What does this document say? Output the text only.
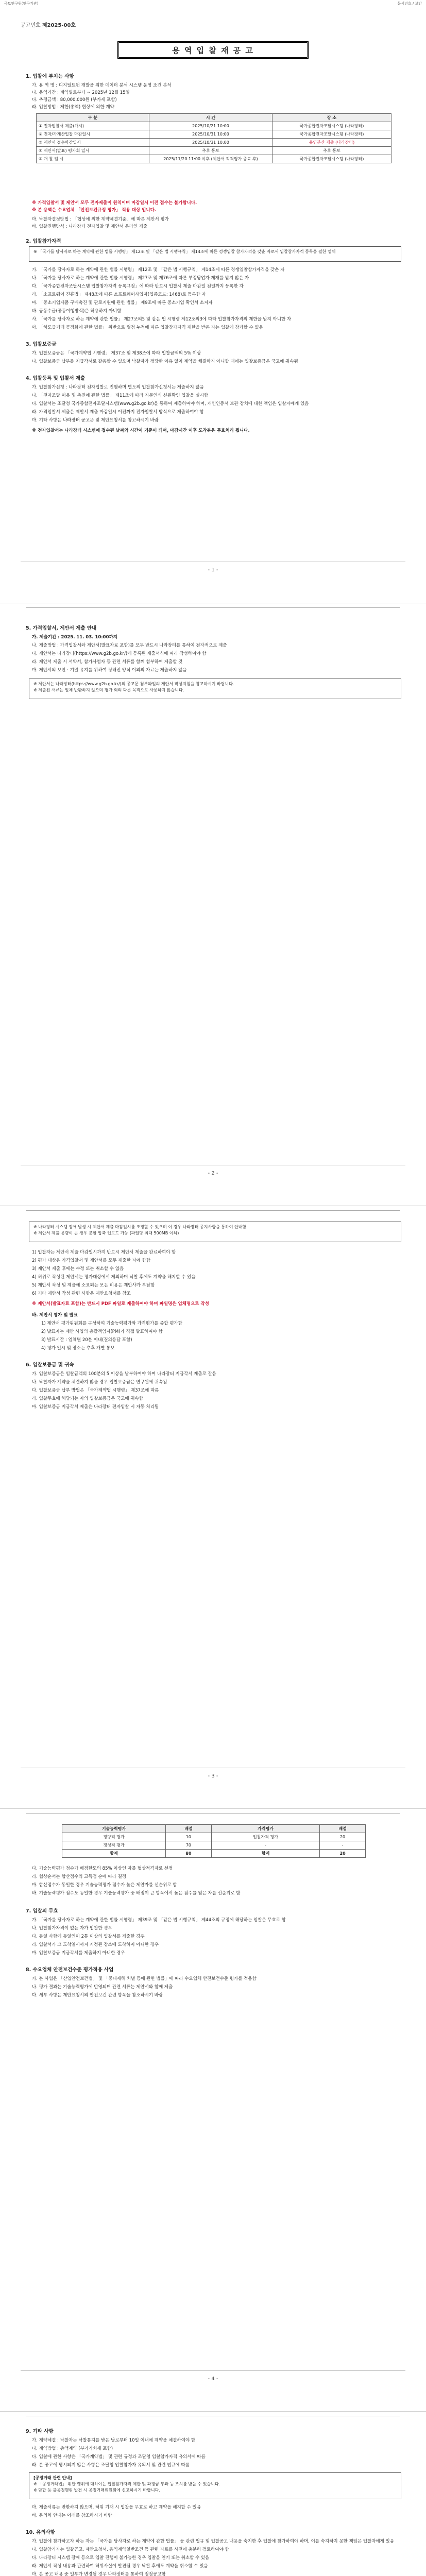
국토연구원(연구기관)	문서번호 / 보안
공고번호 제2025-00호
용 역 입 찰 재 공 고
1. 입찰에 부치는 사항
가. 용 역 명 : 디지털트윈 개발을 위한 데이터 분석 시스템 운영 조건 분석
나. 용역기간 : 계약일로부터 ~ 2025년 12월 15일
다. 추정금액 : 80,000,000원 (부가세 포함)
라. 입찰방법 : 제한(총액) 협상에 의한 계약
구 분	시 간	장 소
① 전자입찰서 제출(개시)	2025/10/21 10:00	국가종합전자조달시스템 (나라장터)
② 전자/가계산입찰 마감일시	2025/10/31 10:00	국가종합전자조달시스템 (나라장터)
③ 제안서 접수마감일시	2025/10/31 10:00	용인분산 제출 (나라장터)
④ 제안서(발표) 평가회 일시	추후 통보	추후 통보
⑤ 개 찰 일 시	2025/11/20 11:00 이후 (제안서 적격평가 종료 후)	국가종합전자조달시스템 (나라장터)
※ 가격입찰서 및 제안서 모두 전자제출이 원칙이며 마감일시 이전 접수는 불가합니다.
※ 본 용역은 수요업체 「안전보건규정 평가」 적용 대상 입니다.
마. 낙찰자결정방법 : 「협상에 의한 계약체결기준」에 따른 제안서 평가
바. 입찰진행방식 : 나라장터 전자입찰 및 제안서 온라인 제출
2. 입찰참가자격
※ 「국가를 당사자로 하는 계약에 관한 법률 시행령」 제12조 및 「같은 법 시행규칙」 제14조에 따른 경쟁입찰 참가자격을 갖춘 자로서 입찰참가자격 등록을 필한 업체
가. 「국가를 당사자로 하는 계약에 관한 법률 시행령」 제12조 및 「같은 법 시행규칙」 제14조에 따른 경쟁입찰참가자격을 갖춘 자
나. 「국가를 당사자로 하는 계약에 관한 법률 시행령」 제27조 및 제76조에 따른 부정당업자 제재를 받지 않은 자
다. 「국가종합전자조달시스템 입찰참가자격 등록규정」에 따라 반드시 입찰서 제출 마감일 전일까지 등록한 자
라. 「소프트웨어 진흥법」 제48조에 따른 소프트웨어사업자(업종코드: 1468)로 등록한 자
마. 「중소기업제품 구매촉진 및 판로지원에 관한 법률」 제9조에 따른 중소기업 확인서 소지자
바. 공동수급(공동이행방식)은 허용하지 아니함
사. 「국가를 당사자로 하는 계약에 관한 법률」 제27조의5 및 같은 법 시행령 제12조의3에 따라 입찰참가자격의 제한을 받지 아니한 자
아. 「하도급거래 공정화에 관한 법률」 위반으로 벌점 누적에 따른 입찰참가자격 제한을 받은 자는 입찰에 참가할 수 없음
3. 입찰보증금
가. 입찰보증금은 「국가계약법 시행령」 제37조 및 제38조에 따라 입찰금액의 5% 이상
나. 입찰보증금 납부를 지급각서로 갈음할 수 있으며 낙찰자가 정당한 이유 없이 계약을 체결하지 아니할 때에는 입찰보증금은 국고에 귀속됨
4. 입찰등록 및 입찰서 제출
가. 입찰참가신청 : 나라장터 전자입찰로 진행하며 별도의 입찰참가신청서는 제출하지 않음
나. 「전자조달 이용 및 촉진에 관한 법률」 제11조에 따라 지문인식 신원확인 입찰을 실시함
다. 입찰서는 조달청 국가종합전자조달시스템(www.g2b.go.kr)을 통하여 제출하여야 하며, 개인인증서 보관 장치에 대한 책임은 입찰자에게 있음
라. 가격입찰서 제출은 제안서 제출 마감일시 이전까지 전자입찰서 방식으로 제출하여야 함
마. 기타 사항은 나라장터 공고문 및 제안요청서를 참고하시기 바람
※ 전자입찰서는 나라장터 시스템에 접수된 날짜와 시간이 기준이 되며, 마감시간 이후 도착분은 무효처리 됩니다.
- 1 -
5. 가격입찰서, 제안서 제출 안내
가. 제출기간 : 2025. 11. 03. 10:00까지
나. 제출방법 : 가격입찰서와 제안서(발표자료 포함)를 모두 반드시 나라장터를 통하여 전자적으로 제출
다. 제안서는 나라장터(https://www.g2b.go.kr/)에 등록된 제출서식에 따라 작성하여야 함
라. 제안서 제출 시 서약서, 참가사업자 등 관련 서류를 함께 첨부하여 제출할 것
마. 제안서의 보안 · 기밀 유지를 위하여 정해진 양식 이외의 자료는 제출하지 않음
※ 제안서는 나라장터(https://www.g2b.go.kr/)의 공고문 첨부파일의 제안서 작성지침을 참고하시기 바랍니다.
※ 제출된 서류는 일체 반환하지 않으며 평가 외의 다른 목적으로 사용하지 않습니다.
- 2 -
※ 나라장터 시스템 장애 발생 시 제안서 제출 마감일시를 조정할 수 있으며 이 경우 나라장터 공지사항을 통하여 안내함
※ 제안서 제출 용량이 큰 경우 분할 압축 업로드 가능 (파일당 최대 500MB 이하)
1) 입찰자는 제안서 제출 마감일시까지 반드시 제안서 제출을 완료하여야 함
2) 평가 대상은 가격입찰서 및 제안서를 모두 제출한 자에 한함
3) 제안서 제출 후에는 수정 또는 취소할 수 없음
4) 허위로 작성된 제안서는 평가대상에서 제외하며 낙찰 후에도 계약을 해지할 수 있음
5) 제안서 작성 및 제출에 소요되는 모든 비용은 제안사가 부담함
6) 기타 제안서 작성 관련 사항은 제안요청서를 참조
※ 제안서(발표자료 포함)는 반드시 PDF 파일로 제출하여야 하며 파일명은 업체명으로 작성
바. 제안서 평가 및 발표
1) 제안서 평가위원회를 구성하여 기술능력평가와 가격평가를 종합 평가함
2) 발표자는 제안 사업의 총괄책임자(PM)가 직접 발표하여야 함
3) 발표시간 : 업체별 20분 이내(질의응답 포함)
4) 평가 일시 및 장소는 추후 개별 통보
6. 입찰보증금 및 귀속
가. 입찰보증금은 입찰금액의 100분의 5 이상을 납부하여야 하며 나라장터 지급각서 제출로 갈음
나. 낙찰자가 계약을 체결하지 않을 경우 입찰보증금은 연구원에 귀속됨
다. 입찰보증금 납부 방법은 「국가계약법 시행령」 제37조에 따름
라. 입찰무효에 해당되는 자의 입찰보증금은 국고에 귀속함
마. 입찰보증금 지급각서 제출은 나라장터 전자입찰 시 자동 처리됨
- 3 -
기술능력평가	배점	가격평가	배점
정량적 평가	10	입찰가격 평가	20
정성적 평가	70	-	-
합계	80	합계	20
다. 기술능력평가 점수가 배점한도의 85% 이상인 자를 협상적격자로 선정
라. 협상순서는 합산점수의 고득점 순에 따라 결정
마. 합산점수가 동일한 경우 기술능력평가 점수가 높은 제안자를 선순위로 함
바. 기술능력평가 점수도 동일한 경우 기술능력평가 중 배점이 큰 항목에서 높은 점수를 얻은 자를 선순위로 함
7. 입찰의 무효
가. 「국가를 당사자로 하는 계약에 관한 법률 시행령」 제39조 및 「같은 법 시행규칙」 제44조의 규정에 해당하는 입찰은 무효로 함
나. 입찰참가자격이 없는 자가 입찰한 경우
다. 동일 사항에 동일인이 2통 이상의 입찰서를 제출한 경우
라. 입찰서가 그 도착일시까지 지정된 장소에 도착하지 아니한 경우
마. 입찰보증금 지급각서를 제출하지 아니한 경우
8. 수요업체 안전보건수준 평가적용 사업
가. 본 사업은 「산업안전보건법」 및 「중대재해 처벌 등에 관한 법률」에 따라 수요업체 안전보건수준 평가를 적용함
나. 평가 결과는 기술능력평가에 반영되며 관련 서류는 제안서와 함께 제출
다. 세부 사항은 제안요청서의 안전보건 관련 항목을 참조하시기 바람
- 4 -
9. 기타 사항
가. 계약체결 : 낙찰자는 낙찰통지를 받은 날로부터 10일 이내에 계약을 체결하여야 함
나. 계약방법 : 총액계약 (부가가치세 포함)
다. 입찰에 관한 사항은 「국가계약법」 및 관련 규정과 조달청 입찰참가자격 유의서에 따름
라. 본 공고에 명시되지 않은 사항은 조달청 입찰참가자 유의서 및 관련 법규에 따름
[공정거래 관련 안내]
※ 「공정거래법」 위반 행위에 대하여는 입찰참가자격 제한 및 과징금 부과 등 조치를 받을 수 있습니다.
※ 담합 등 불공정행위 발견 시 공정거래위원회에 신고하시기 바랍니다.
마. 제출서류는 반환하지 않으며, 허위 기재 시 입찰을 무효로 하고 계약을 해지할 수 있음
바. 문의처 안내는 아래를 참조하시기 바람
10. 유의사항
가. 입찰에 참가하고자 하는 자는 「국가를 당사자로 하는 계약에 관한 법률」 등 관련 법규 및 입찰공고 내용을 숙지한 후 입찰에 참가하여야 하며, 이를 숙지하지 못한 책임은 입찰자에게 있음
나. 입찰참가자는 입찰공고, 제안요청서, 용역계약일반조건 등 관련 자료를 사전에 충분히 검토하여야 함
다. 나라장터 시스템 장애 등으로 입찰 진행이 불가능한 경우 입찰을 연기 또는 취소할 수 있음
라. 제안서 작성 내용과 관련하여 허위사실이 발견될 경우 낙찰 후에도 계약을 취소할 수 있음
마. 본 공고 내용 중 일부가 변경될 경우 나라장터를 통하여 정정공고함
